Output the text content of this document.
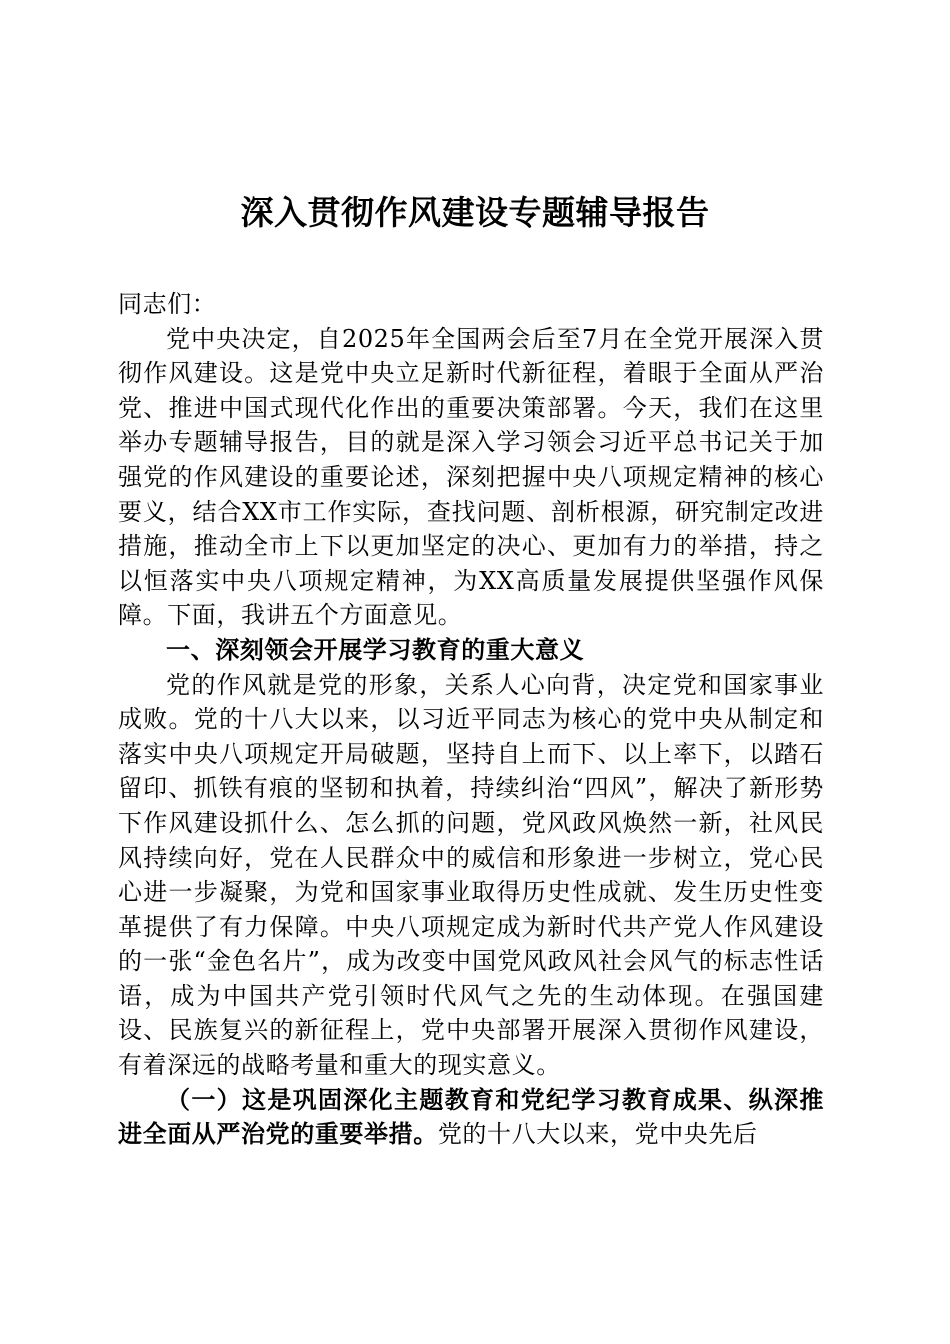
深入贯彻作风建设专题辅导报告

同志们：

党中央决定，自2025年全国两会后至7月在全党开展深入贯彻作风建设。这是党中央立足新时代新征程，着眼于全面从严治党、推进中国式现代化作出的重要决策部署。今天，我们在这里举办专题辅导报告，目的就是深入学习领会习近平总书记关于加强党的作风建设的重要论述，深刻把握中央八项规定精神的核心要义，结合XX市工作实际，查找问题、剖析根源，研究制定改进措施，推动全市上下以更加坚定的决心、更加有力的举措，持之以恒落实中央八项规定精神，为XX高质量发展提供坚强作风保障。下面，我讲五个方面意见。

一、深刻领会开展学习教育的重大意义

党的作风就是党的形象，关系人心向背，决定党和国家事业成败。党的十八大以来，以习近平同志为核心的党中央从制定和落实中央八项规定开局破题，坚持自上而下、以上率下，以踏石留印、抓铁有痕的坚韧和执着，持续纠治“四风”，解决了新形势下作风建设抓什么、怎么抓的问题，党风政风焕然一新，社风民风持续向好，党在人民群众中的威信和形象进一步树立，党心民心进一步凝聚，为党和国家事业取得历史性成就、发生历史性变革提供了有力保障。中央八项规定成为新时代共产党人作风建设的一张“金色名片”，成为改变中国党风政风社会风气的标志性话语，成为中国共产党引领时代风气之先的生动体现。在强国建设、民族复兴的新征程上，党中央部署开展深入贯彻作风建设，有着深远的战略考量和重大的现实意义。

（一）这是巩固深化主题教育和党纪学习教育成果、纵深推进全面从严治党的重要举措。党的十八大以来，党中央先后
